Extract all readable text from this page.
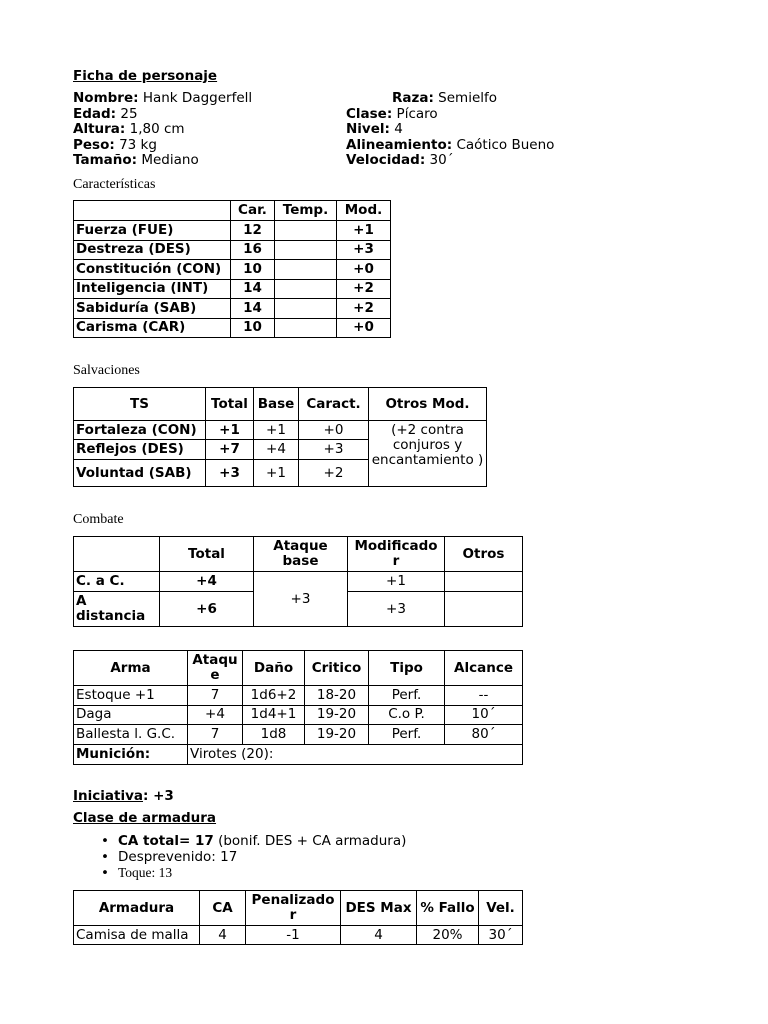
Ficha de personaje
Nombre: Hank Daggerfell
Edad: 25
Altura: 1,80 cm
Peso: 73 kg
Tamaño: Mediano
Raza: Semielfo
Clase: Pícaro
Nivel: 4
Alineamiento: Caótico Bueno
Velocidad: 30´
Características
	Car.	Temp.	Mod.
Fuerza (FUE)	12		+1
Destreza (DES)	16		+3
Constitución (CON)	10		+0
Inteligencia (INT)	14		+2
Sabiduría (SAB)	14		+2
Carisma (CAR)	10		+0
Salvaciones
TS	Total	Base	Caract.	Otros Mod.
Fortaleza (CON)	+1	+1	+0	(+2 contra conjuros y encantamiento )
Reflejos (DES)	+7	+4	+3	
Voluntad (SAB)	+3	+1	+2	
Combate
	Total	Ataque base	Modificado r	Otros
C. a C.	+4	+3	+1	
A distancia	+6		+3	
Arma	Ataqu e	Daño	Critico	Tipo	Alcance
Estoque +1	7	1d6+2	18-20	Perf.	--
Daga	+4	1d4+1	19-20	C.o P.	10´
Ballesta l. G.C.	7	1d8	19-20	Perf.	80´
Munición:	Virotes (20):				
Iniciativa: +3
Clase de armadura
• CA total= 17 (bonif. DES + CA armadura)
• Desprevenido: 17
• Toque: 13
Armadura	CA	Penalizado r	DES Max	% Fallo	Vel.
Camisa de malla	4	-1	4	20%	30´
